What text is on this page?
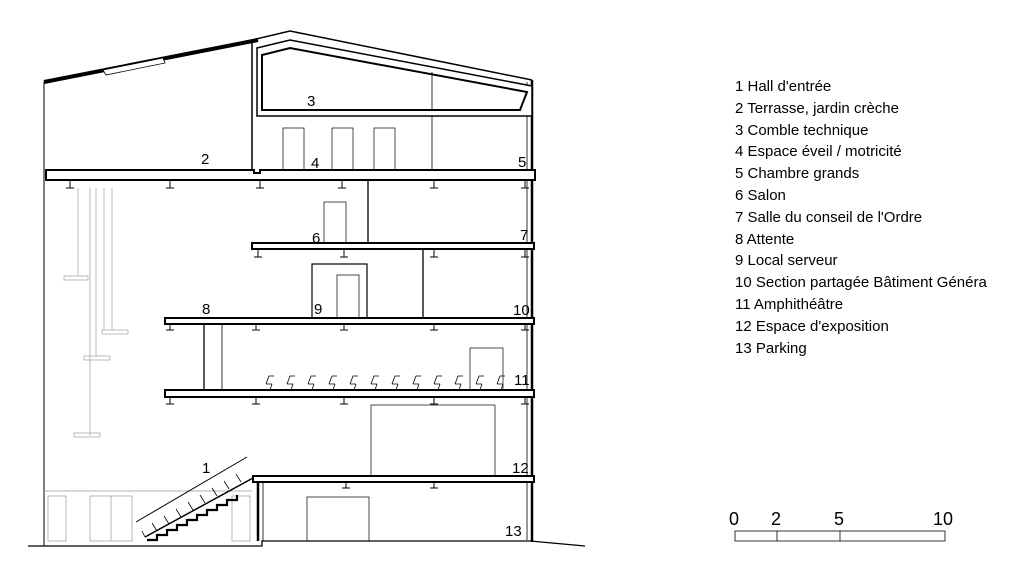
1
2
3
4	5
6	7
8	9	10
11
12
13
0 2	5	10
1 Hall d'entrée
2 Terrasse, jardin crèche
3 Comble technique
4 Espace éveil / motricité
5 Chambre grands
6 Salon
7 Salle du conseil de l'Ordre
8 Attente
9 Local serveur
10 Section partagée Bâtiment Généra
11 Amphithéâtre
12 Espace d'exposition
13 Parking
